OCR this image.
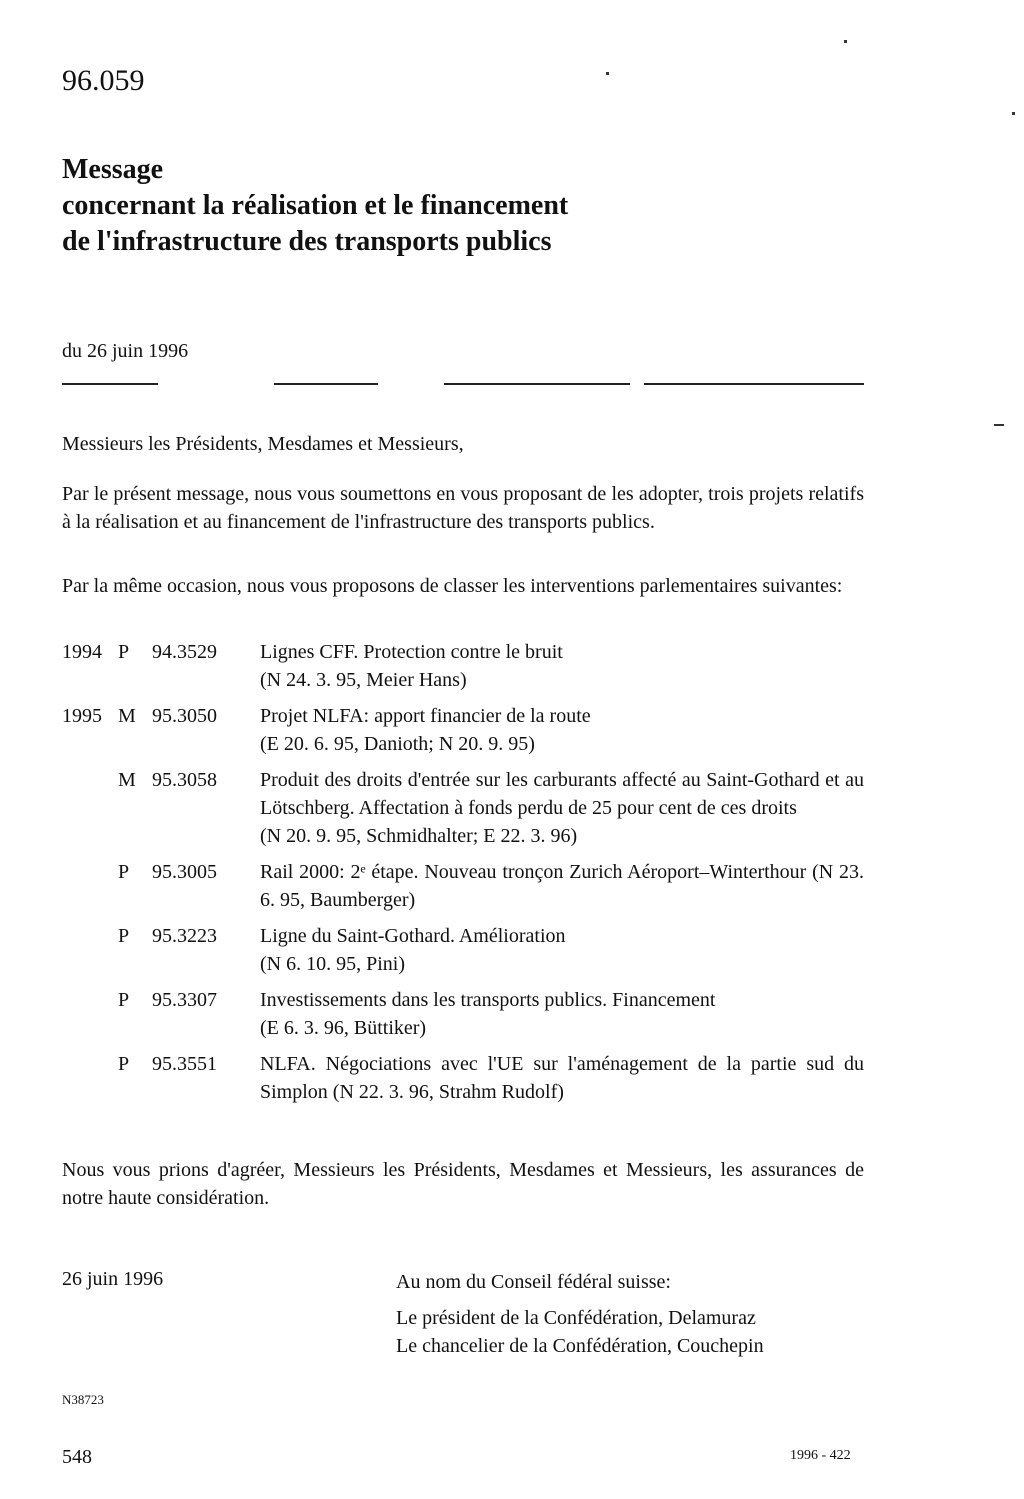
96.059
Message
concernant la réalisation et le financement
de l'infrastructure des transports publics
du 26 juin 1996
Messieurs les Présidents, Mesdames et Messieurs,
Par le présent message, nous vous soumettons en vous proposant de les adopter, trois projets relatifs à la réalisation et au financement de l'infrastructure des transports publics.
Par la même occasion, nous vous proposons de classer les interventions parlementaires suivantes:
1994 P	94.3529	Lignes CFF. Protection contre le bruit
(N 24. 3. 95, Meier Hans)
1995 M 95.3050	Projet NLFA: apport financier de la route
(E 20. 6. 95, Danioth; N 20. 9. 95)
M 95.3058	Produit des droits d'entrée sur les carburants affecté au Saint-Gothard et au Lötschberg. Affectation à fonds perdu de 25 pour cent de ces droits
(N 20. 9. 95, Schmidhalter; E 22. 3. 96)
P	95.3005	Rail 2000: 2ᵉ étape. Nouveau tronçon Zurich Aéroport–Winterthour (N 23. 6. 95, Baumberger)
P	95.3223	Ligne du Saint-Gothard. Amélioration
(N 6. 10. 95, Pini)
P	95.3307	Investissements dans les transports publics. Financement
(E 6. 3. 96, Büttiker)
P	95.3551	NLFA. Négociations avec l'UE sur l'aménagement de la partie sud du Simplon (N 22. 3. 96, Strahm Rudolf)
Nous vous prions d'agréer, Messieurs les Présidents, Mesdames et Messieurs, les assurances de notre haute considération.
26 juin 1996	Au nom du Conseil fédéral suisse:
Le président de la Confédération, Delamuraz
Le chancelier de la Confédération, Couchepin
N38723
548	1996 - 422
